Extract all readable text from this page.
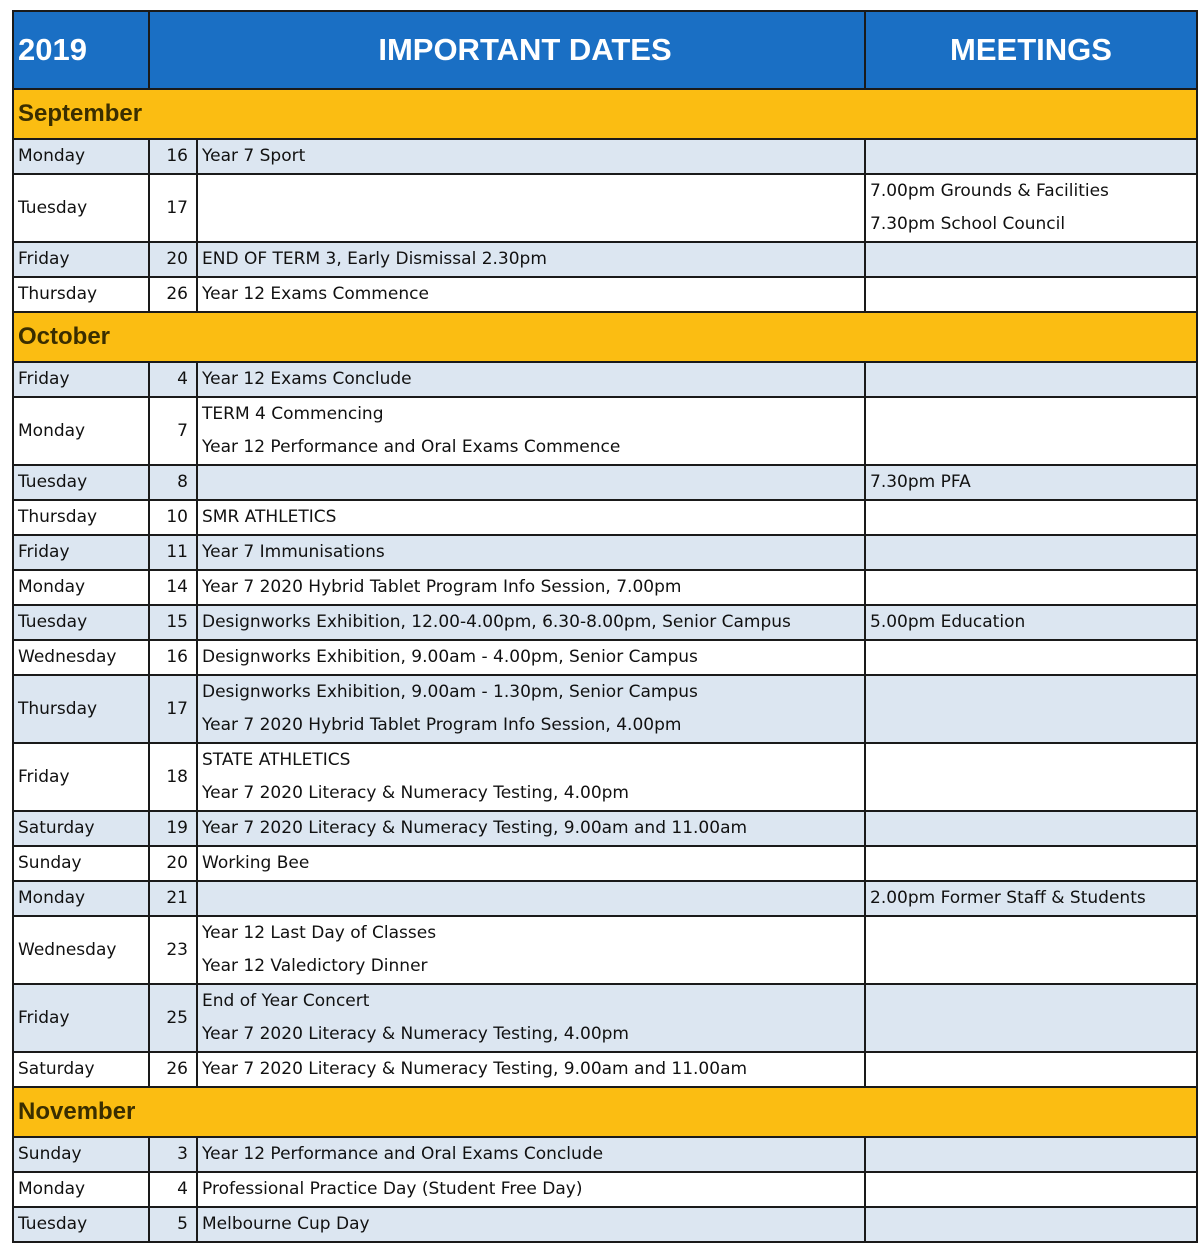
2019	IMPORTANT DATES		MEETINGS
September			
Monday	16	Year 7 Sport	

Tuesday	17		7.00pm Grounds & Facilities
7.30pm School Council

Friday	20	END OF TERM 3, Early Dismissal 2.30pm	

Thursday	26	Year 12 Exams Commence	

October			
Friday	4	Year 12 Exams Conclude	

Monday	7	TERM 4 Commencing
Year 12 Performance and Oral Exams Commence	

Tuesday	8		7.30pm PFA

Thursday	10	SMR ATHLETICS	

Friday	11	Year 7 Immunisations	

Monday	14	Year 7 2020 Hybrid Tablet Program Info Session, 7.00pm	

Tuesday	15	Designworks Exhibition, 12.00-4.00pm, 6.30-8.00pm, Senior Campus	5.00pm Education

Wednesday	16	Designworks Exhibition, 9.00am - 4.00pm, Senior Campus	

Thursday	17	Designworks Exhibition, 9.00am - 1.30pm, Senior Campus
Year 7 2020 Hybrid Tablet Program Info Session, 4.00pm	

Friday	18	STATE ATHLETICS
Year 7 2020 Literacy & Numeracy Testing, 4.00pm	

Saturday	19	Year 7 2020 Literacy & Numeracy Testing, 9.00am and 11.00am	

Sunday	20	Working Bee	

Monday	21		2.00pm Former Staff & Students

Wednesday	23	Year 12 Last Day of Classes
Year 12 Valedictory Dinner	

Friday	25	End of Year Concert
Year 7 2020 Literacy & Numeracy Testing, 4.00pm	

Saturday	26	Year 7 2020 Literacy & Numeracy Testing, 9.00am and 11.00am	

November			
Sunday	3	Year 12 Performance and Oral Exams Conclude	

Monday	4	Professional Practice Day (Student Free Day)	

Tuesday	5	Melbourne Cup Day	
